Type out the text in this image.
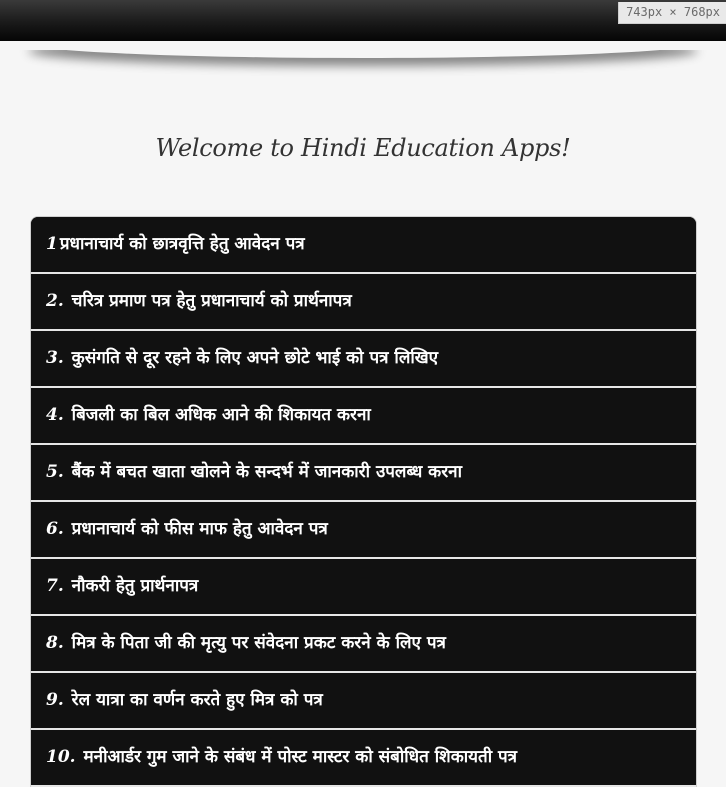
743px × 768px
Welcome to Hindi Education Apps!
1 प्रधानाचार्य को छात्रवृत्ति हेतु आवेदन पत्र
2. चरित्र प्रमाण पत्र हेतु प्रधानाचार्य को प्रार्थनापत्र
3. कुसंगति से दूर रहने के लिए अपने छोटे भाई को पत्र लिखिए
4. बिजली का बिल अधिक आने की शिकायत करना
5. बैंक में बचत खाता खोलने के सन्दर्भ में जानकारी उपलब्ध करना
6. प्रधानाचार्य को फीस माफ हेतु आवेदन पत्र
7. नौकरी हेतु प्रार्थनापत्र
8. मित्र के पिता जी की मृत्यु पर संवेदना प्रकट करने के लिए पत्र
9. रेल यात्रा का वर्णन करते हुए मित्र को पत्र
10. मनीआर्डर गुम जाने के संबंध में पोस्ट मास्टर को संबोधित शिकायती पत्र
